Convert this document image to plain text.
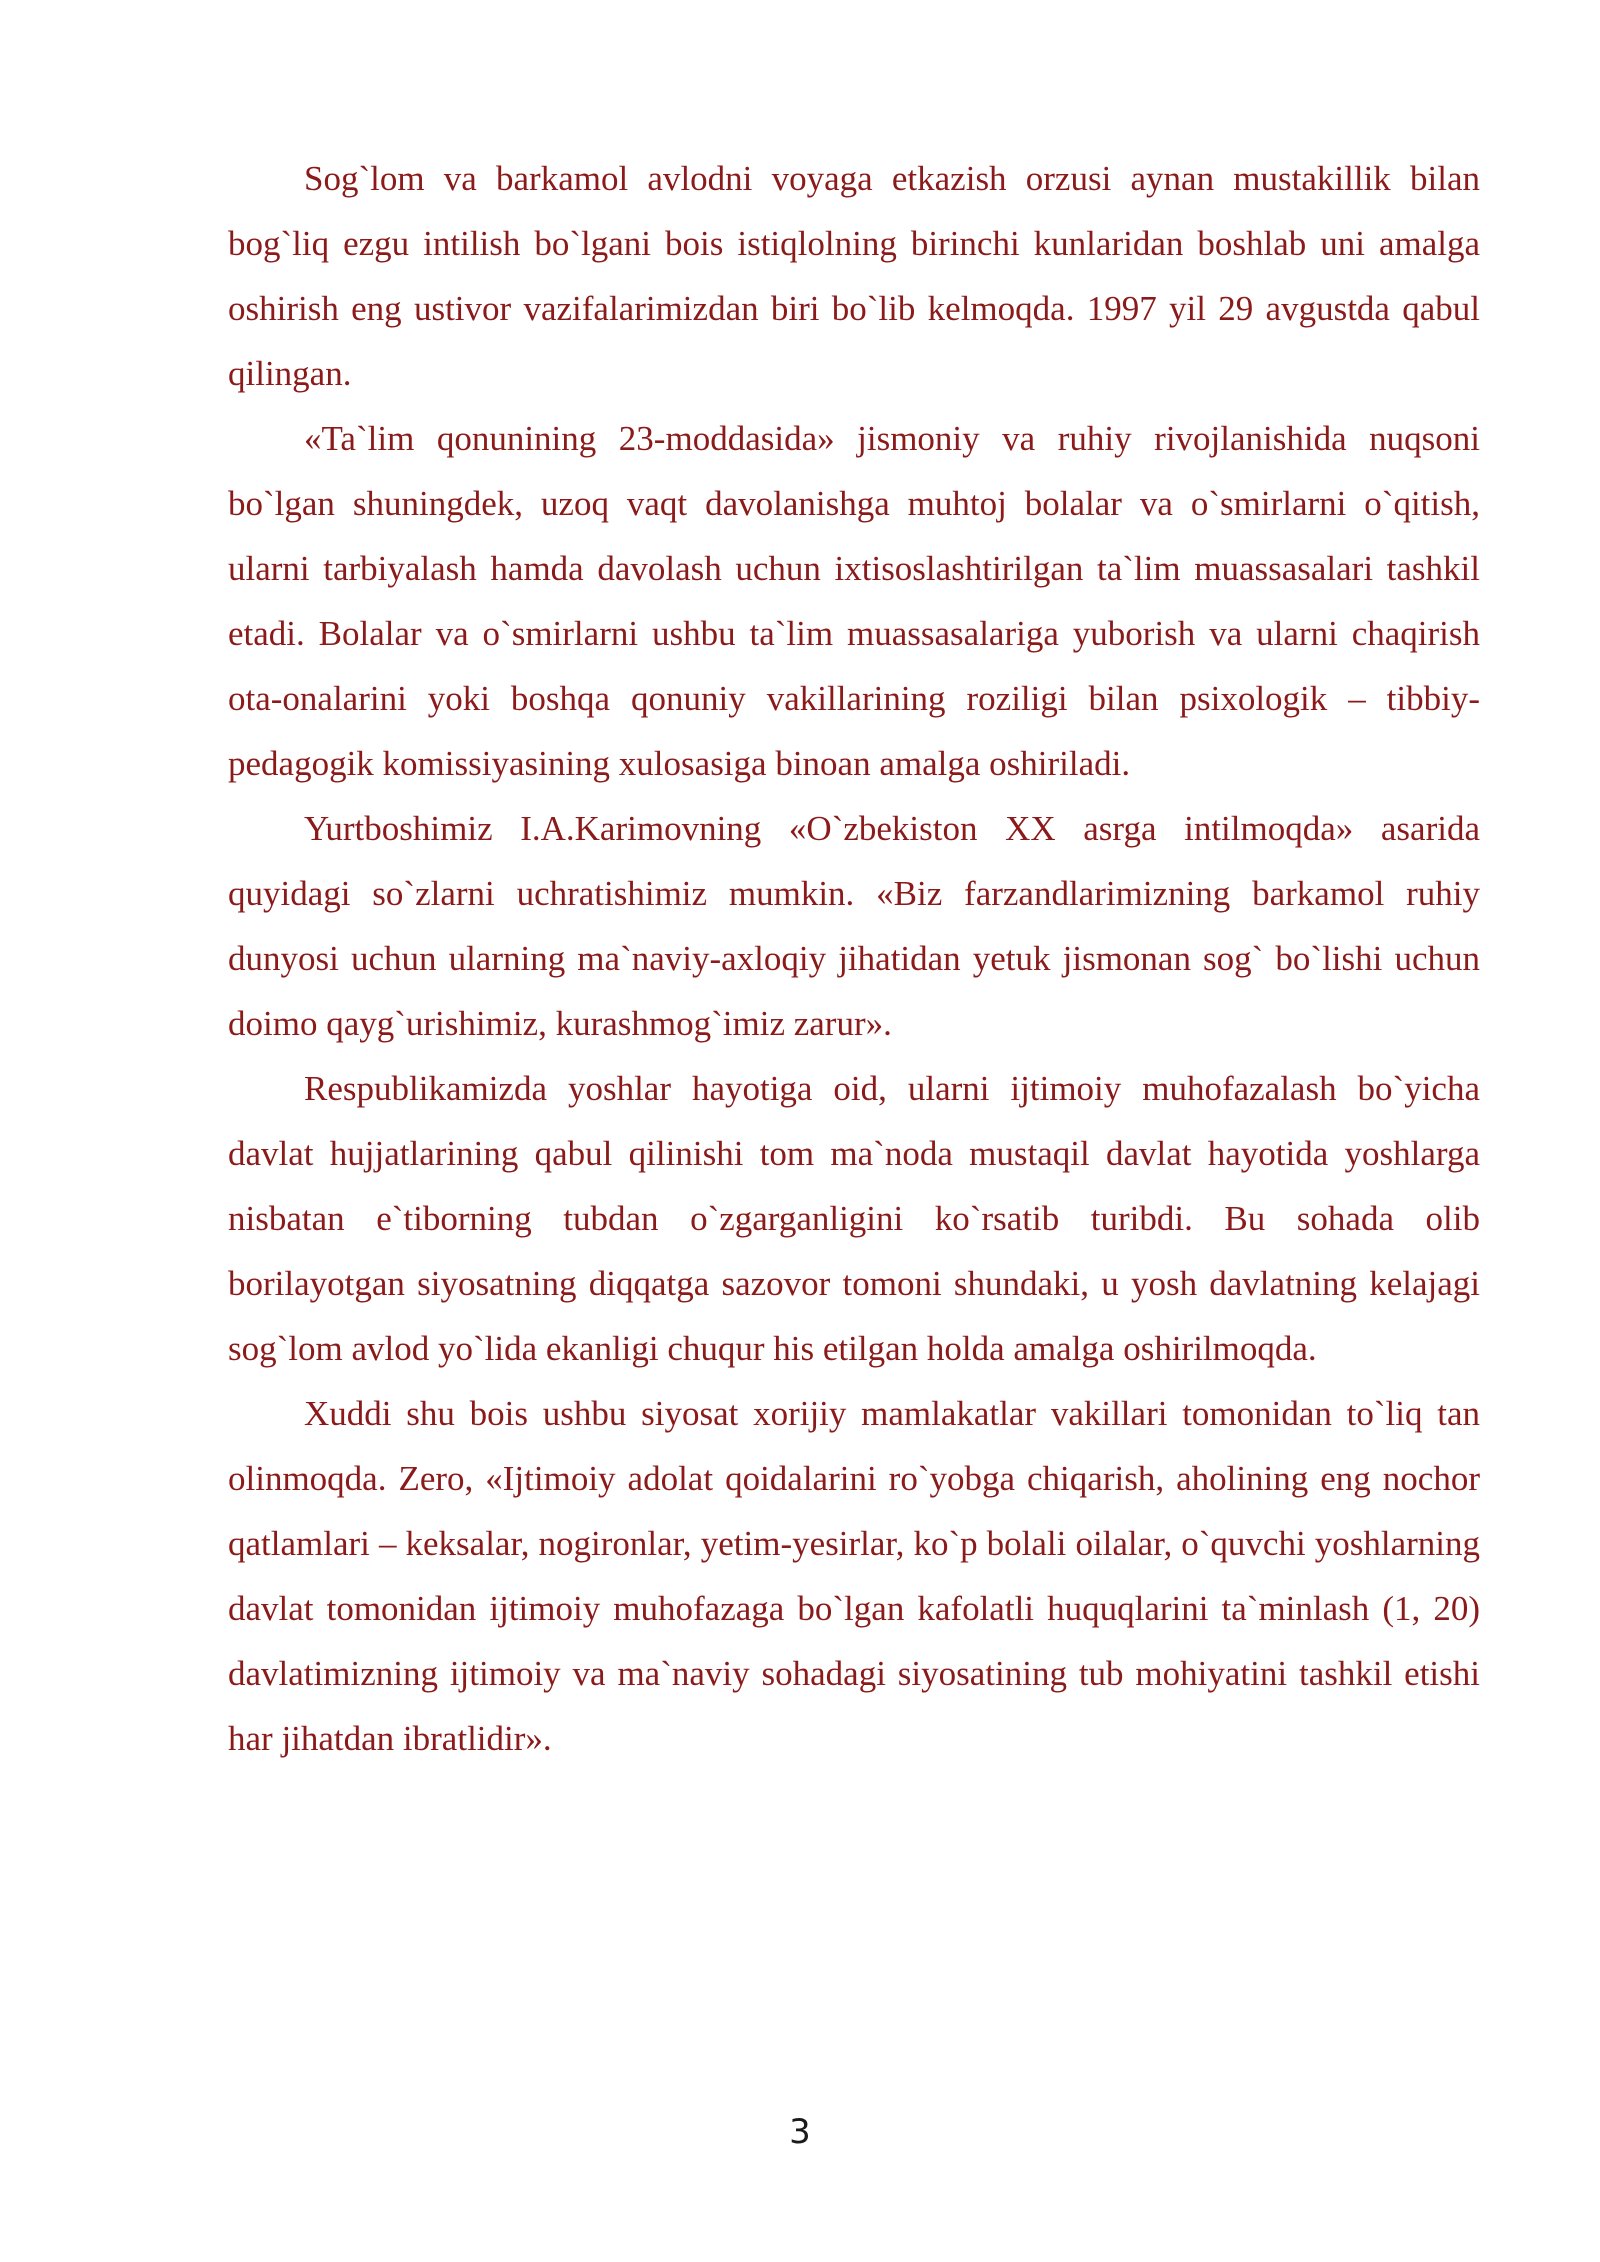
Sog`lom va barkamol avlodni voyaga etkazish orzusi aynan mustakillik bilan bog`liq ezgu intilish bo`lgani bois istiqlolning birinchi kunlaridan boshlab uni amalga oshirish eng ustivor vazifalarimizdan biri bo`lib kelmoqda. 1997 yil 29 avgustda qabul qilingan.

«Ta`lim qonunining 23-moddasida» jismoniy va ruhiy rivojlanishida nuqsoni bo`lgan shuningdek, uzoq vaqt davolanishga muhtoj bolalar va o`smirlarni o`qitish, ularni tarbiyalash hamda davolash uchun ixtisoslashtirilgan ta`lim muassasalari tashkil etadi. Bolalar va o`smirlarni ushbu ta`lim muassasalariga yuborish va ularni chaqirish ota-onalarini yoki boshqa qonuniy vakillarining roziligi bilan psixologik – tibbiy-pedagogik komissiyasining xulosasiga binoan amalga oshiriladi.

Yurtboshimiz I.A.Karimovning «O`zbekiston XX asrga intilmoqda» asarida quyidagi so`zlarni uchratishimiz mumkin. «Biz farzandlarimizning barkamol ruhiy dunyosi uchun ularning ma`naviy-axloqiy jihatidan yetuk jismonan sog` bo`lishi uchun doimo qayg`urishimiz, kurashmog`imiz zarur».

Respublikamizda yoshlar hayotiga oid, ularni ijtimoiy muhofazalash bo`yicha davlat hujjatlarining qabul qilinishi tom ma`noda mustaqil davlat hayotida yoshlarga nisbatan e`tiborning tubdan o`zgarganligini ko`rsatib turibdi. Bu sohada olib borilayotgan siyosatning diqqatga sazovor tomoni shundaki, u yosh davlatning kelajagi sog`lom avlod yo`lida ekanligi chuqur his etilgan holda amalga oshirilmoqda.

Xuddi shu bois ushbu siyosat xorijiy mamlakatlar vakillari tomonidan to`liq tan olinmoqda. Zero, «Ijtimoiy adolat qoidalarini ro`yobga chiqarish, aholining eng nochor qatlamlari – keksalar, nogironlar, yetim-yesirlar, ko`p bolali oilalar, o`quvchi yoshlarning davlat tomonidan ijtimoiy muhofazaga bo`lgan kafolatli huquqlarini ta`minlash (1, 20) davlatimizning ijtimoiy va ma`naviy sohadagi siyosatining tub mohiyatini tashkil etishi har jihatdan ibratlidir».

3
